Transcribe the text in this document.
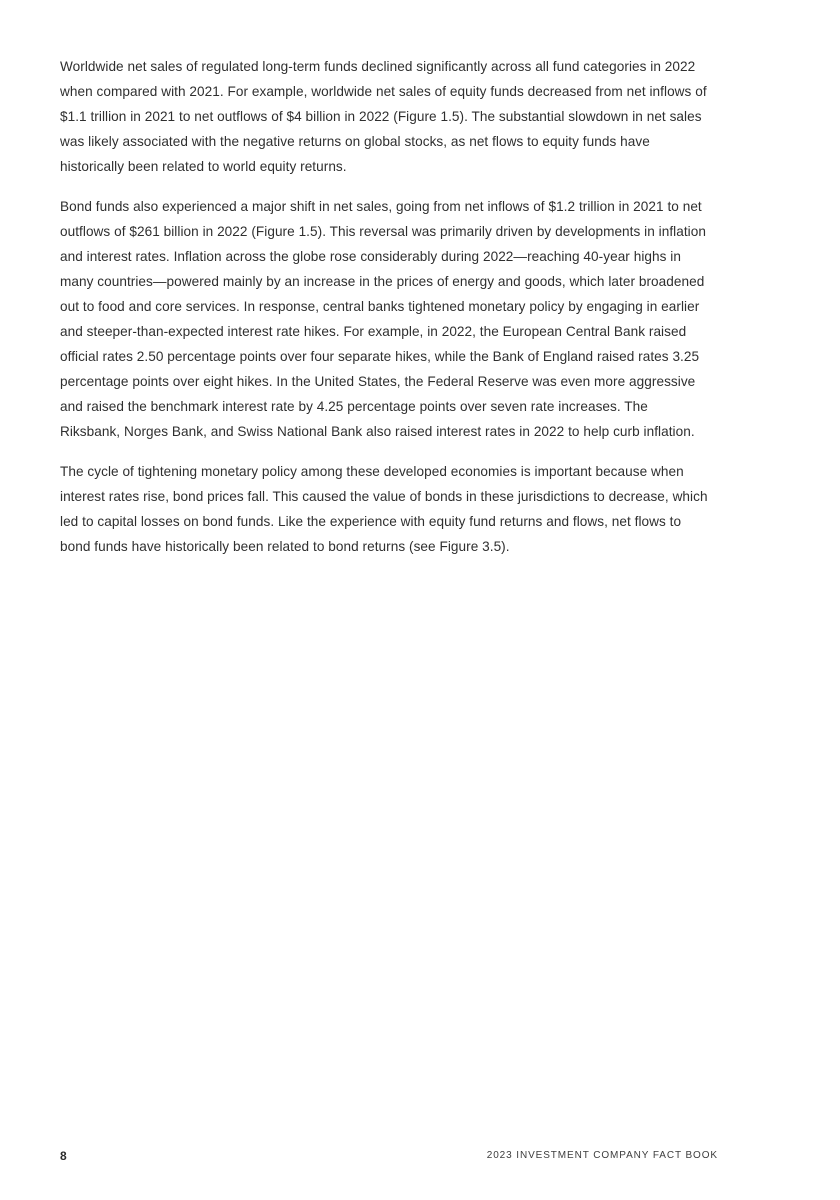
Worldwide net sales of regulated long-term funds declined significantly across all fund categories in 2022 when compared with 2021. For example, worldwide net sales of equity funds decreased from net inflows of $1.1 trillion in 2021 to net outflows of $4 billion in 2022 (Figure 1.5). The substantial slowdown in net sales was likely associated with the negative returns on global stocks, as net flows to equity funds have historically been related to world equity returns.

Bond funds also experienced a major shift in net sales, going from net inflows of $1.2 trillion in 2021 to net outflows of $261 billion in 2022 (Figure 1.5). This reversal was primarily driven by developments in inflation and interest rates. Inflation across the globe rose considerably during 2022—reaching 40-year highs in many countries—powered mainly by an increase in the prices of energy and goods, which later broadened out to food and core services. In response, central banks tightened monetary policy by engaging in earlier and steeper-than-expected interest rate hikes. For example, in 2022, the European Central Bank raised official rates 2.50 percentage points over four separate hikes, while the Bank of England raised rates 3.25 percentage points over eight hikes. In the United States, the Federal Reserve was even more aggressive and raised the benchmark interest rate by 4.25 percentage points over seven rate increases. The Riksbank, Norges Bank, and Swiss National Bank also raised interest rates in 2022 to help curb inflation.

The cycle of tightening monetary policy among these developed economies is important because when interest rates rise, bond prices fall. This caused the value of bonds in these jurisdictions to decrease, which led to capital losses on bond funds. Like the experience with equity fund returns and flows, net flows to bond funds have historically been related to bond returns (see Figure 3.5).

8	2023 INVESTMENT COMPANY FACT BOOK
